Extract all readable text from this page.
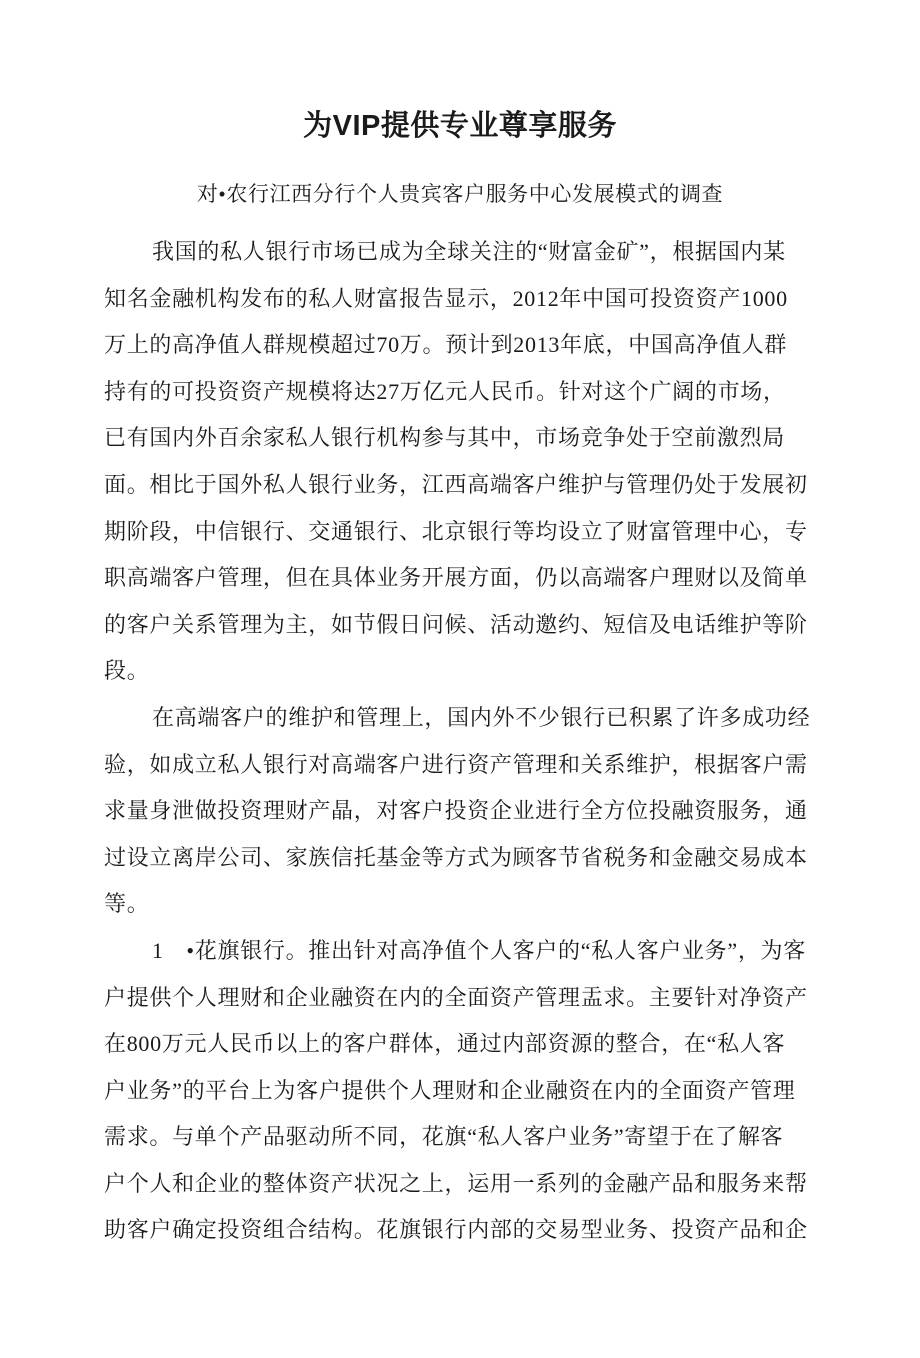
为VIP提供专业尊享服务
对•农行江西分行个人贵宾客户服务中心发展模式的调查
我国的私人银行市场已成为全球关注的“财富金矿”，根据国内某
知名金融机构发布的私人财富报告显示，2012年中国可投资资产1000
万上的高净值人群规模超过70万。预计到2013年底，中国高净值人群
持有的可投资资产规模将达27万亿元人民币。针对这个广阔的市场，
已有国内外百余家私人银行机构参与其中，市场竞争处于空前激烈局
面。相比于国外私人银行业务，江西高端客户维护与管理仍处于发展初
期阶段，中信银行、交通银行、北京银行等均设立了财富管理中心，专
职高端客户管理，但在具体业务开展方面，仍以高端客户理财以及简单
的客户关系管理为主，如节假日问候、活动邀约、短信及电话维护等阶
段。
在高端客户的维护和管理上，国内外不少银行已积累了许多成功经
验，如成立私人银行对高端客户进行资产管理和关系维护，根据客户需
求量身泄做投资理财产晶，对客户投资企业进行全方位投融资服务，通
过设立离岸公司、家族信托基金等方式为顾客节省税务和金融交易成本
等。
1　•花旗银行。推出针对高净值个人客户的“私人客户业务”，为客
户提供个人理财和企业融资在内的全面资产管理盂求。主要针对净资产
在800万元人民币以上的客户群体，通过内部资源的整合，在“私人客
户业务”的平台上为客户提供个人理财和企业融资在内的全面资产管理
需求。与单个产品驱动所不同，花旗“私人客户业务”寄望于在了解客
户个人和企业的整体资产状况之上，运用一系列的金融产品和服务来帮
助客户确定投资组合结构。花旗银行内部的交易型业务、投资产品和企
